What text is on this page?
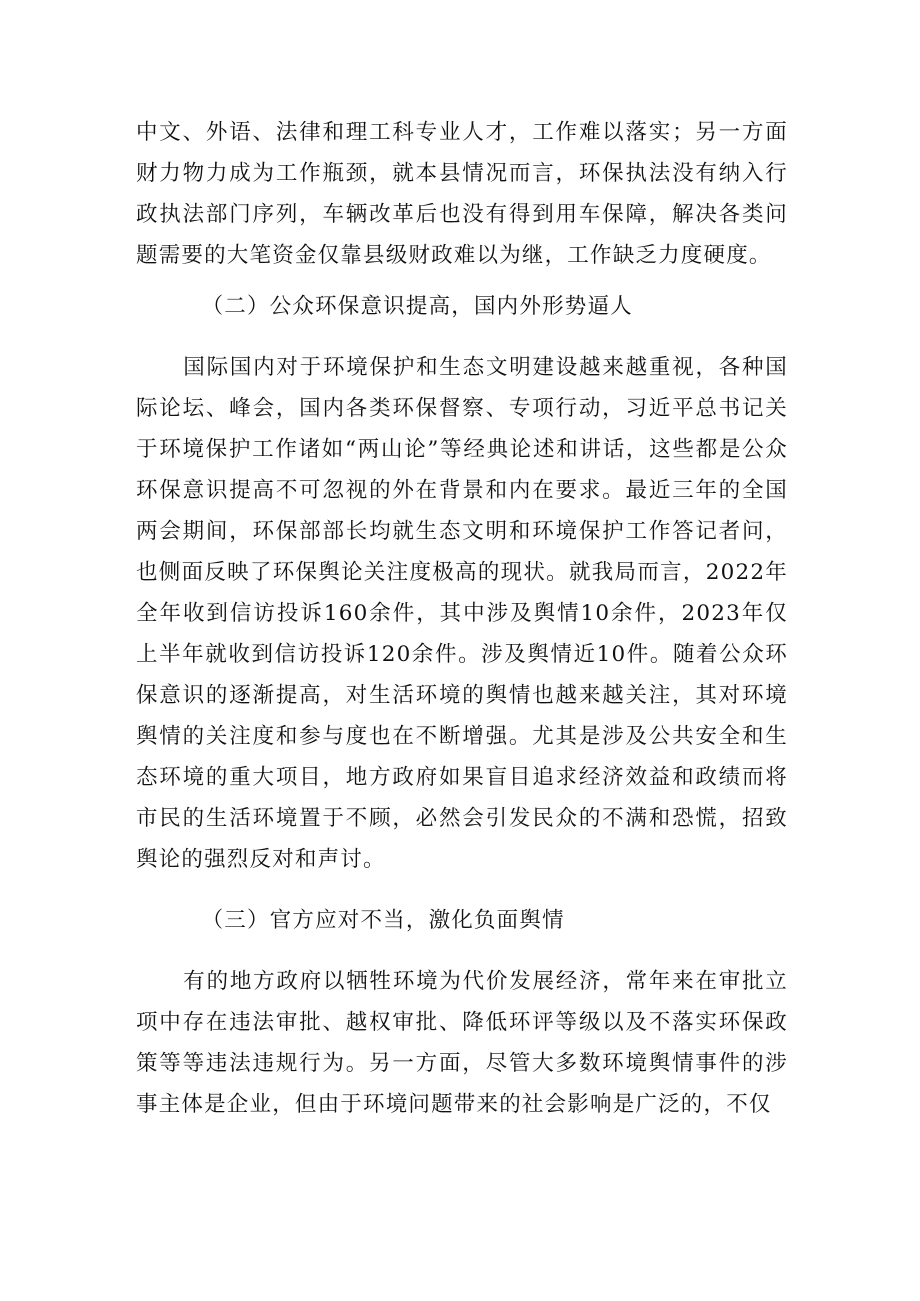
中文、外语、法律和理工科专业人才，工作难以落实；另一方面财力物力成为工作瓶颈，就本县情况而言，环保执法没有纳入行政执法部门序列，车辆改革后也没有得到用车保障，解决各类问题需要的大笔资金仅靠县级财政难以为继，工作缺乏力度硬度。

（二）公众环保意识提高，国内外形势逼人

国际国内对于环境保护和生态文明建设越来越重视，各种国际论坛、峰会，国内各类环保督察、专项行动，习近平总书记关于环境保护工作诸如“两山论”等经典论述和讲话，这些都是公众环保意识提高不可忽视的外在背景和内在要求。最近三年的全国两会期间，环保部部长均就生态文明和环境保护工作答记者问，也侧面反映了环保舆论关注度极高的现状。就我局而言，2022年全年收到信访投诉160余件，其中涉及舆情10余件，2023年仅上半年就收到信访投诉120余件。涉及舆情近10件。随着公众环保意识的逐渐提高，对生活环境的舆情也越来越关注，其对环境舆情的关注度和参与度也在不断增强。尤其是涉及公共安全和生态环境的重大项目，地方政府如果盲目追求经济效益和政绩而将市民的生活环境置于不顾，必然会引发民众的不满和恐慌，招致舆论的强烈反对和声讨。

（三）官方应对不当，激化负面舆情

有的地方政府以牺牲环境为代价发展经济，常年来在审批立项中存在违法审批、越权审批、降低环评等级以及不落实环保政策等等违法违规行为。另一方面，尽管大多数环境舆情事件的涉事主体是企业，但由于环境问题带来的社会影响是广泛的，不仅
